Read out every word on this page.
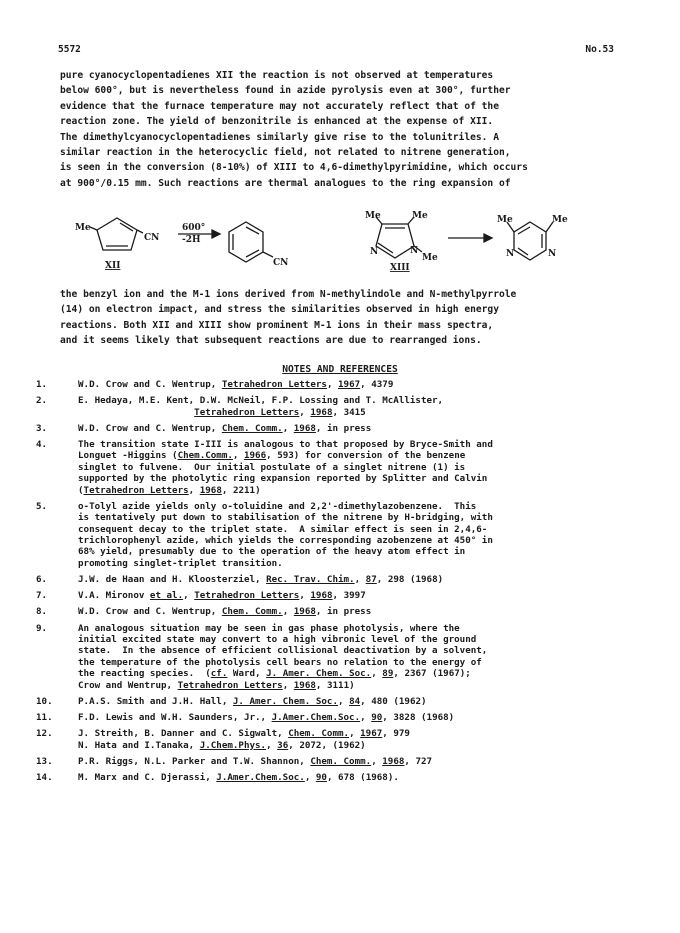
5572	No.53
pure cyanocyclopentadienes XII the reaction is not observed at temperatures
below 600°, but is nevertheless found in azide pyrolysis even at 300°, further
evidence that the furnace temperature may not accurately reflect that of the
reaction zone. The yield of benzonitrile is enhanced at the expense of XII.
The dimethylcyanocyclopentadienes similarly give rise to the tolunitriles. A
similar reaction in the heterocyclic field, not related to nitrene generation,
is seen in the conversion (8-10%) of XIII to 4,6-dimethylpyrimidine, which occurs
at 900°/0.15 mm. Such reactions are thermal analogues to the ring expansion of
Me
CN
XII
600°
-2H
CN
Me	Me
N	N
Me
XIII
Me	Me
N	N
the benzyl ion and the M-1 ions derived from N-methylindole and N-methylpyrrole
(14) on electron impact, and stress the similarities observed in high energy
reactions. Both XII and XIII show prominent M-1 ions in their mass spectra,
and it seems likely that subsequent reactions are due to rearranged ions.
NOTES AND REFERENCES
1.	W.D. Crow and C. Wentrup, Tetrahedron Letters, 1967, 4379
2.	E. Hedaya, M.E. Kent, D.W. McNeil, F.P. Lossing and T. McAllister,
Tetrahedron Letters, 1968, 3415
3.	W.D. Crow and C. Wentrup, Chem. Comm., 1968, in press
4.	The transition state I-III is analogous to that proposed by Bryce-Smith and
Longuet -Higgins (Chem.Comm., 1966, 593) for conversion of the benzene
singlet to fulvene.  Our initial postulate of a singlet nitrene (1) is
supported by the photolytic ring expansion reported by Splitter and Calvin
(Tetrahedron Letters, 1968, 2211)
5.	o-Tolyl azide yields only o-toluidine and 2,2'-dimethylazobenzene.  This
is tentatively put down to stabilisation of the nitrene by H-bridging, with
consequent decay to the triplet state.  A similar effect is seen in 2,4,6-
trichlorophenyl azide, which yields the corresponding azobenzene at 450° in
68% yield, presumably due to the operation of the heavy atom effect in
promoting singlet-triplet transition.
6.	J.W. de Haan and H. Kloosterziel, Rec. Trav. Chim., 87, 298 (1968)
7.	V.A. Mironov et al., Tetrahedron Letters, 1968, 3997
8.	W.D. Crow and C. Wentrup, Chem. Comm., 1968, in press
9.	An analogous situation may be seen in gas phase photolysis, where the
initial excited state may convert to a high vibronic level of the ground
state.  In the absence of efficient collisional deactivation by a solvent,
the temperature of the photolysis cell bears no relation to the energy of
the reacting species.  (cf. Ward, J. Amer. Chem. Soc., 89, 2367 (1967);
Crow and Wentrup, Tetrahedron Letters, 1968, 3111)
10.	P.A.S. Smith and J.H. Hall, J. Amer. Chem. Soc., 84, 480 (1962)
11.	F.D. Lewis and W.H. Saunders, Jr., J.Amer.Chem.Soc., 90, 3828 (1968)
12.	J. Streith, B. Danner and C. Sigwalt, Chem. Comm., 1967, 979
N. Hata and I.Tanaka, J.Chem.Phys., 36, 2072, (1962)
13.	P.R. Riggs, N.L. Parker and T.W. Shannon, Chem. Comm., 1968, 727
14.	M. Marx and C. Djerassi, J.Amer.Chem.Soc., 90, 678 (1968).
